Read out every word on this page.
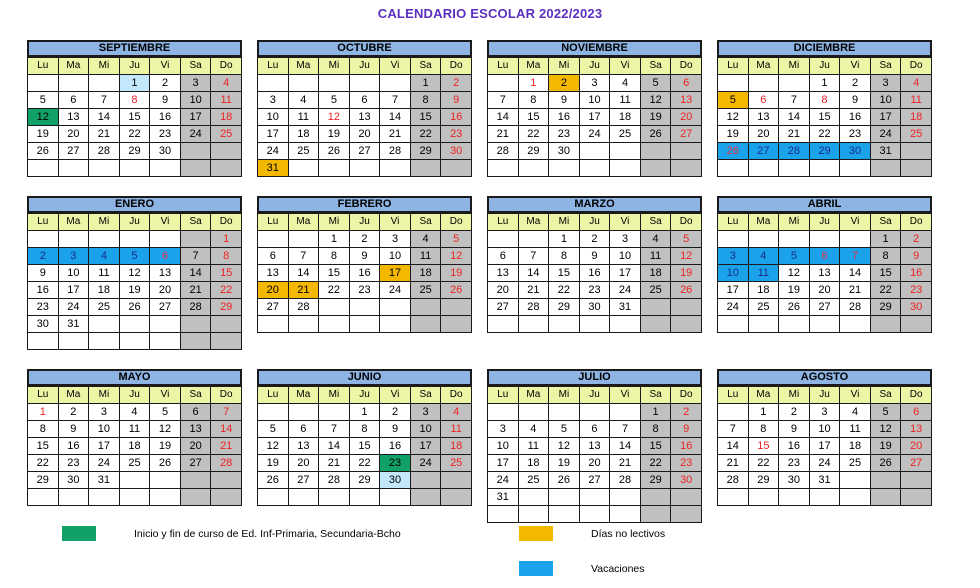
CALENDARIO ESCOLAR 2022/2023
SEPTIEMBRE
Lu	Ma	Mi	Ju	Vi	Sa	Do
			1	2	3	4
5	6	7	8	9	10	11
12	13	14	15	16	17	18
19	20	21	22	23	24	25
26	27	28	29	30		

OCTUBRE
Lu	Ma	Mi	Ju	Vi	Sa	Do
					1	2
3	4	5	6	7	8	9
10	11	12	13	14	15	16
17	18	19	20	21	22	23
24	25	26	27	28	29	30
31						
NOVIEMBRE
Lu	Ma	Mi	Ju	Vi	Sa	Do
	1	2	3	4	5	6
7	8	9	10	11	12	13
14	15	16	17	18	19	20
21	22	23	24	25	26	27
28	29	30				

DICIEMBRE
Lu	Ma	Mi	Ju	Vi	Sa	Do
			1	2	3	4
5	6	7	8	9	10	11
12	13	14	15	16	17	18
19	20	21	22	23	24	25
26	27	28	29	30	31	

ENERO
Lu	Ma	Mi	Ju	Vi	Sa	Do
						1
2	3	4	5	6	7	8
9	10	11	12	13	14	15
16	17	18	19	20	21	22
23	24	25	26	27	28	29
30	31					

FEBRERO
Lu	Ma	Mi	Ju	Vi	Sa	Do
		1	2	3	4	5
6	7	8	9	10	11	12
13	14	15	16	17	18	19
20	21	22	23	24	25	26
27	28					

MARZO
Lu	Ma	Mi	Ju	Vi	Sa	Do
		1	2	3	4	5
6	7	8	9	10	11	12
13	14	15	16	17	18	19
20	21	22	23	24	25	26
27	28	29	30	31		

ABRIL
Lu	Ma	Mi	Ju	Vi	Sa	Do
					1	2
3	4	5	6	7	8	9
10	11	12	13	14	15	16
17	18	19	20	21	22	23
24	25	26	27	28	29	30

MAYO
Lu	Ma	Mi	Ju	Vi	Sa	Do
1	2	3	4	5	6	7
8	9	10	11	12	13	14
15	16	17	18	19	20	21
22	23	24	25	26	27	28
29	30	31				

JUNIO
Lu	Ma	Mi	Ju	Vi	Sa	Do
			1	2	3	4
5	6	7	8	9	10	11
12	13	14	15	16	17	18
19	20	21	22	23	24	25
26	27	28	29	30		

JULIO
Lu	Ma	Mi	Ju	Vi	Sa	Do
					1	2
3	4	5	6	7	8	9
10	11	12	13	14	15	16
17	18	19	20	21	22	23
24	25	26	27	28	29	30
31						

AGOSTO
Lu	Ma	Mi	Ju	Vi	Sa	Do
	1	2	3	4	5	6
7	8	9	10	11	12	13
14	15	16	17	18	19	20
21	22	23	24	25	26	27
28	29	30	31			

Inicio y fin de curso de Ed. Inf-Primaria, Secundaria-Bcho	Días no lectivos
Vacaciones
